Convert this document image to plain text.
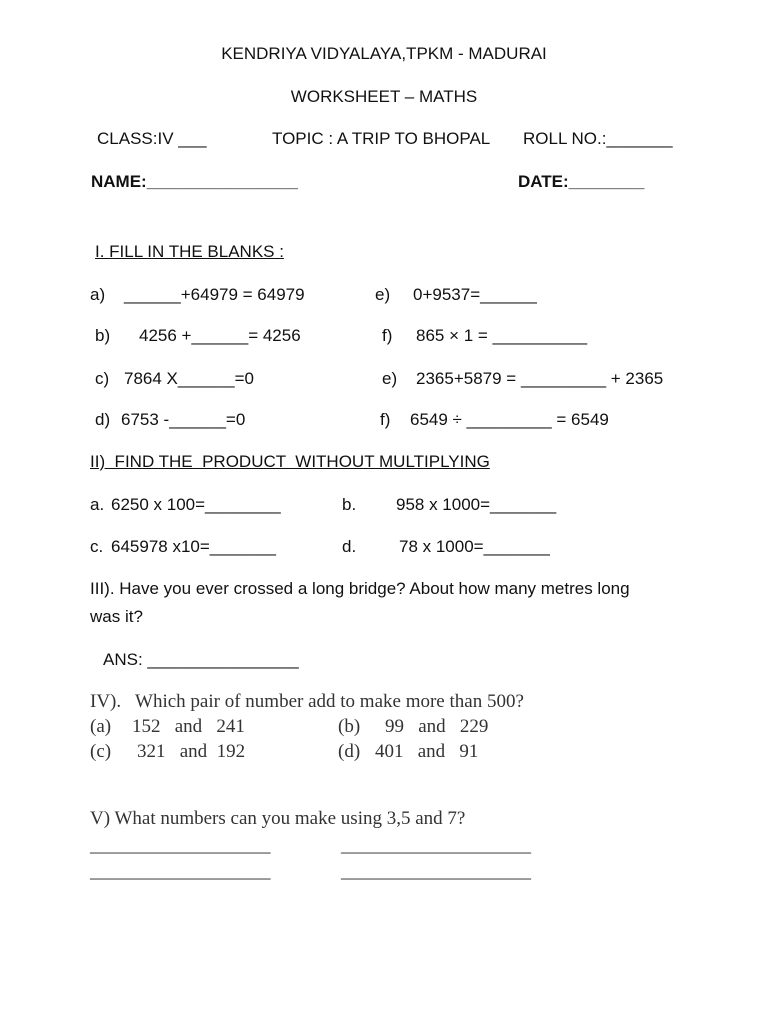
KENDRIYA VIDYALAYA,TPKM - MADURAI
WORKSHEET – MATHS
CLASS:IV ___	TOPIC : A TRIP TO BHOPAL ROLL NO.:_______
NAME:________________	DATE:________
I. FILL IN THE BLANKS :
a) ______+64979 = 64979	e) 0+9537=______
b) 4256 +______= 4256	f) 865 × 1 = __________
c) 7864 X______=0	e) 2365+5879 = _________ + 2365
d) 6753 -______=0	f) 6549 ÷ _________ = 6549
II)  FIND THE  PRODUCT  WITHOUT MULTIPLYING
a. 6250 x 100=________	b. 958 x 1000=_______
c. 645978 x10=_______	d.	78 x 1000=_______
III). Have you ever crossed a long bridge? About how many metres long
was it?
ANS: ________________
IV).   Which pair of number add to make more than 500?
(a) 152   and   241	(b) 99   and   229
(c) 321   and  192	(d) 401   and   91
V) What numbers can you make using 3,5 and 7?
___________________	____________________
___________________	____________________
